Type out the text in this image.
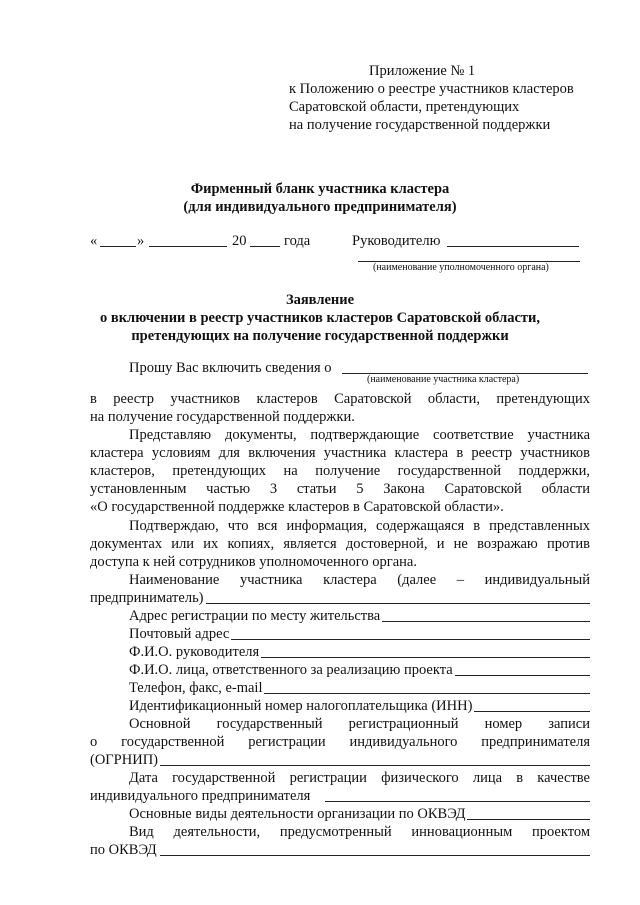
Приложение № 1
к Положению о реестре участников кластеров
Саратовской области, претендующих
на получение государственной поддержки
Фирменный бланк участника кластера
(для индивидуального предпринимателя)
«	»	20	года	Руководителю
(наименование уполномоченного органа)
Заявление
о включении в реестр участников кластеров Саратовской области,
претендующих на получение государственной поддержки
Прошу Вас включить сведения о
(наименование участника кластера)
в реестр участников кластеров Саратовской области, претендующих
на получение государственной поддержки.
Представляю документы, подтверждающие соответствие участника
кластера условиям для включения участника кластера в реестр участников
кластеров, претендующих на получение государственной поддержки,
установленным частью 3 статьи 5 Закона Саратовской области
«О государственной поддержке кластеров в Саратовской области».
Подтверждаю, что вся информация, содержащаяся в представленных
документах или их копиях, является достоверной, и не возражаю против
доступа к ней сотрудников уполномоченного органа.
Наименование участника кластера (далее – индивидуальный
предприниматель)
Адрес регистрации по месту жительства
Почтовый адрес
Ф.И.О. руководителя
Ф.И.О. лица, ответственного за реализацию проекта
Телефон, факс, e-mail
Идентификационный номер налогоплательщика (ИНН)
Основной государственный регистрационный номер записи
о государственной регистрации индивидуального предпринимателя
(ОГРНИП)
Дата государственной регистрации физического лица в качестве
индивидуального предпринимателя
Основные виды деятельности организации по ОКВЭД
Вид деятельности, предусмотренный инновационным проектом
по ОКВЭД
